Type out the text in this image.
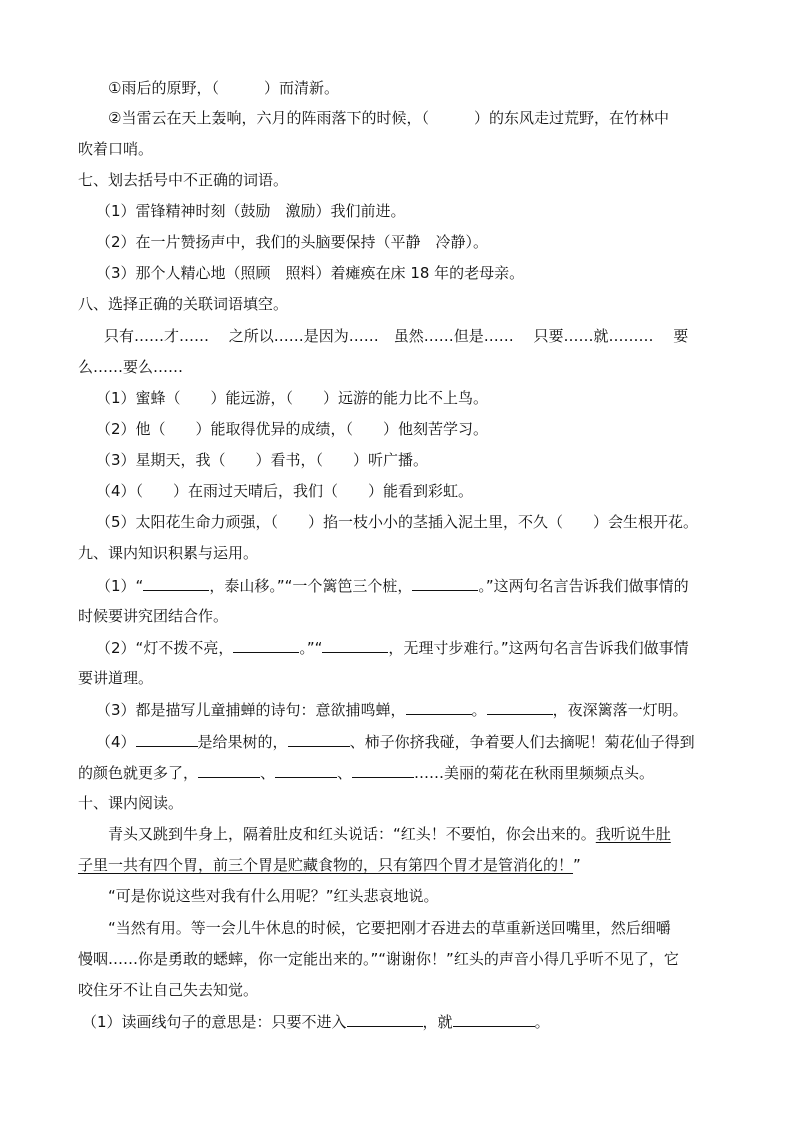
①雨后的原野，（　　　）而清新。
②当雷云在天上轰响，六月的阵雨落下的时候，（　　　）的东风走过荒野，在竹林中
吹着口哨。
七、划去括号中不正确的词语。
（1）雷锋精神时刻（鼓励　激励）我们前进。
（2）在一片赞扬声中，我们的头脑要保持（平静　冷静）。
（3）那个人精心地（照顾　照料）着瘫痪在床 18 年的老母亲。
八、选择正确的关联词语填空。
只有……才……　 之所以……是因为……　虽然……但是……　 只要……就………　 要
么……要么……
（1）蜜蜂（　　）能远游，（　　）远游的能力比不上鸟。
（2）他（　　）能取得优异的成绩，（　　）他刻苦学习。
（3）星期天，我（　　）看书，（　　）听广播。
（4）（　　）在雨过天晴后，我们（　　）能看到彩虹。
（5）太阳花生命力顽强，（　　）掐一枝小小的茎插入泥土里，不久（　　）会生根开花。
九、课内知识积累与运用。
（1）“	，泰山移。”“一个篱笆三个桩，	。”这两句名言告诉我们做事情的
时候要讲究团结合作。
（2）“灯不拨不亮，	。”“	，无理寸步难行。”这两句名言告诉我们做事情
要讲道理。
（3）都是描写儿童捕蝉的诗句：意欲捕鸣蝉，	。	，夜深篱落一灯明。
（4）	是给果树的，	、柿子你挤我碰，争着要人们去摘呢！菊花仙子得到
的颜色就更多了，	、	、	……美丽的菊花在秋雨里频频点头。
十、课内阅读。
青头又跳到牛身上，隔着肚皮和红头说话：“红头！不要怕，你会出来的。我听说牛肚
子里一共有四个胃，前三个胃是贮藏食物的，只有第四个胃才是管消化的！”
“可是你说这些对我有什么用呢？”红头悲哀地说。
“当然有用。等一会儿牛休息的时候，它要把刚才吞进去的草重新送回嘴里，然后细嚼
慢咽……你是勇敢的蟋蟀，你一定能出来的。”“谢谢你！”红头的声音小得几乎听不见了，它
咬住牙不让自己失去知觉。
（1）读画线句子的意思是：只要不进入	，就	。
